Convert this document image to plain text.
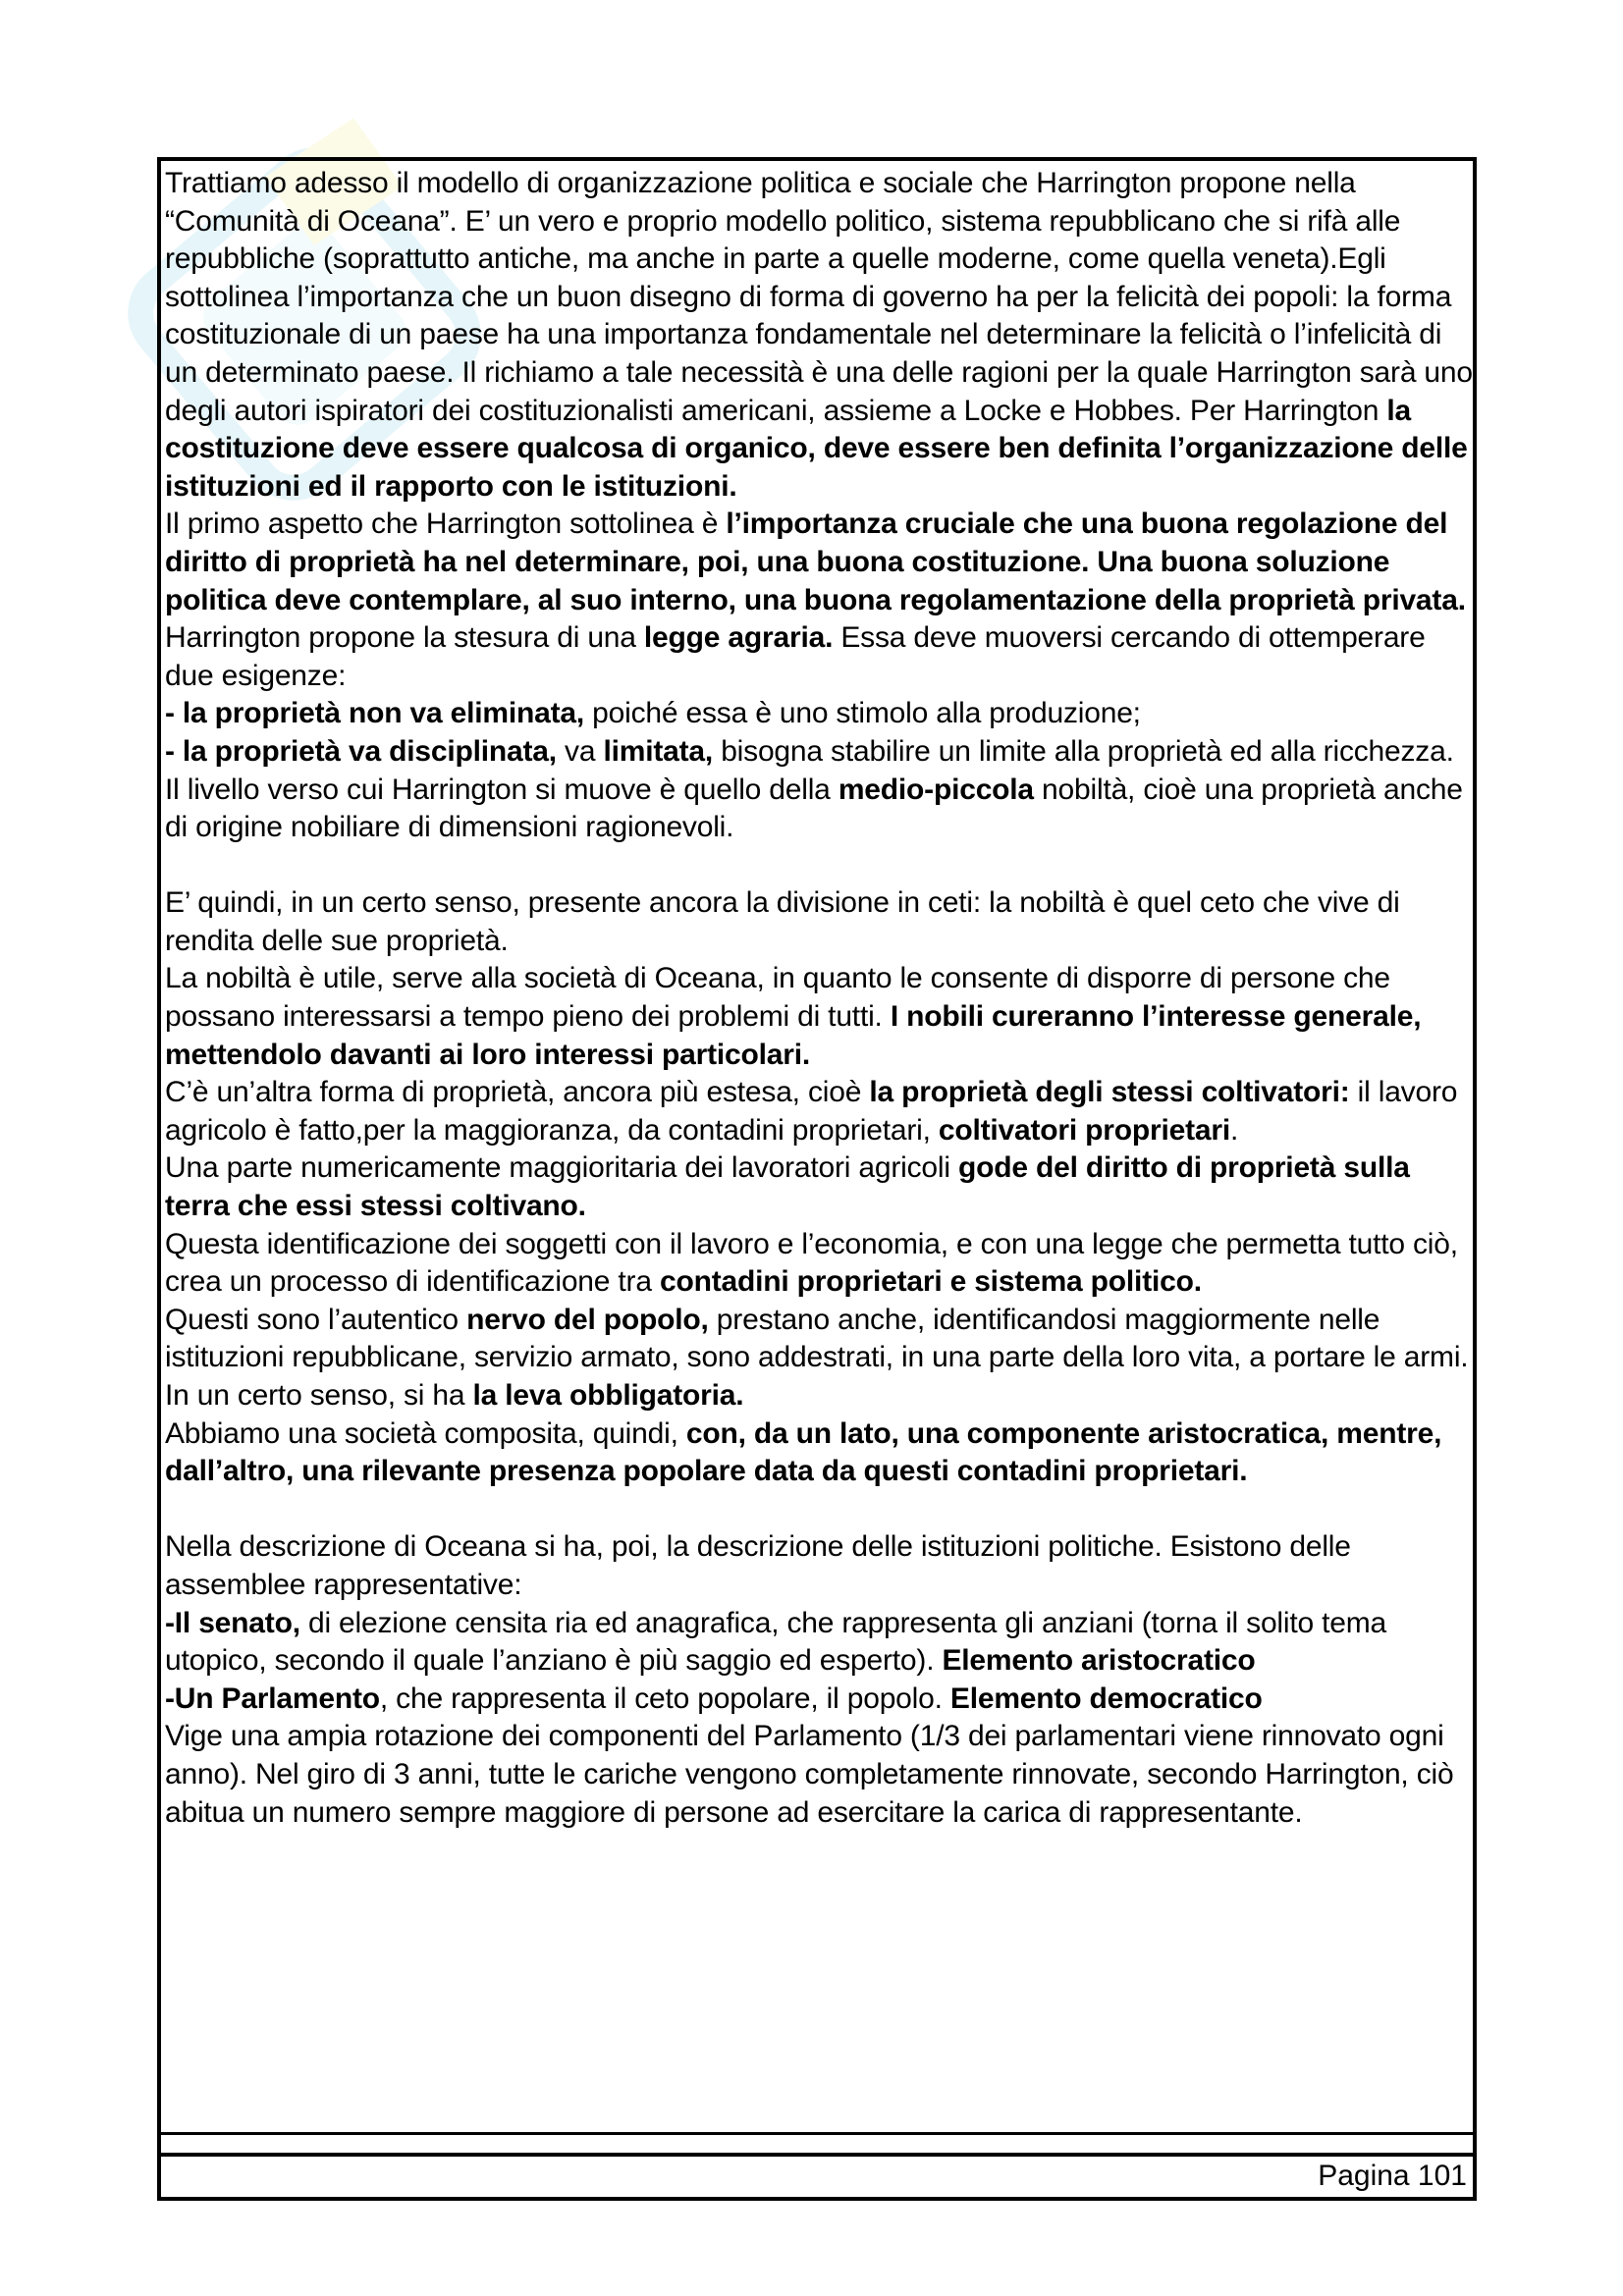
Trattiamo adesso il modello di organizzazione politica e sociale che Harrington propone nella “Comunità di Oceana”. E’ un vero e proprio modello politico, sistema repubblicano che si rifà alle repubbliche (soprattutto antiche, ma anche in parte a quelle moderne, come quella veneta).Egli sottolinea l’importanza che un buon disegno di forma di governo ha per la felicità dei popoli: la forma costituzionale di un paese ha una importanza fondamentale nel determinare la felicità o l’infelicità di un determinato paese. Il richiamo a tale necessità è una delle ragioni per la quale Harrington sarà uno degli autori ispiratori dei costituzionalisti americani, assieme a Locke e Hobbes. Per Harrington la costituzione deve essere qualcosa di organico, deve essere ben definita l’organizzazione delle istituzioni ed il rapporto con le istituzioni.

Il primo aspetto che Harrington sottolinea è l’importanza cruciale che una buona regolazione del diritto di proprietà ha nel determinare, poi, una buona costituzione. Una buona soluzione politica deve contemplare, al suo interno, una buona regolamentazione della proprietà privata.

Harrington propone la stesura di una legge agraria. Essa deve muoversi cercando di ottemperare due esigenze:

- la proprietà non va eliminata, poiché essa è uno stimolo alla produzione;

- la proprietà va disciplinata, va limitata, bisogna stabilire un limite alla proprietà ed alla ricchezza. Il livello verso cui Harrington si muove è quello della medio-piccola nobiltà, cioè una proprietà anche di origine nobiliare di dimensioni ragionevoli.

E’ quindi, in un certo senso, presente ancora la divisione in ceti: la nobiltà è quel ceto che vive di rendita delle sue proprietà.

La nobiltà è utile, serve alla società di Oceana, in quanto le consente di disporre di persone che possano interessarsi a tempo pieno dei problemi di tutti. I nobili cureranno l’interesse generale, mettendolo davanti ai loro interessi particolari.

C’è un’altra forma di proprietà, ancora più estesa, cioè la proprietà degli stessi coltivatori: il lavoro agricolo è fatto,per la maggioranza, da contadini proprietari, coltivatori proprietari.

Una parte numericamente maggioritaria dei lavoratori agricoli gode del diritto di proprietà sulla terra che essi stessi coltivano.

Questa identificazione dei soggetti con il lavoro e l’economia, e con una legge che permetta tutto ciò, crea un processo di identificazione tra contadini proprietari e sistema politico.

Questi sono l’autentico nervo del popolo, prestano anche, identificandosi maggiormente nelle istituzioni repubblicane, servizio armato, sono addestrati, in una parte della loro vita, a portare le armi. In un certo senso, si ha la leva obbligatoria.

Abbiamo una società composita, quindi, con, da un lato, una componente aristocratica, mentre, dall’altro, una rilevante presenza popolare data da questi contadini proprietari.

Nella descrizione di Oceana si ha, poi, la descrizione delle istituzioni politiche. Esistono delle assemblee rappresentative:

-Il senato, di elezione censita ria ed anagrafica, che rappresenta gli anziani (torna il solito tema utopico, secondo il quale l’anziano è più saggio ed esperto). Elemento aristocratico

-Un Parlamento, che rappresenta il ceto popolare, il popolo. Elemento democratico

Vige una ampia rotazione dei componenti del Parlamento (1/3 dei parlamentari viene rinnovato ogni anno). Nel giro di 3 anni, tutte le cariche vengono completamente rinnovate, secondo Harrington, ciò abitua un numero sempre maggiore di persone ad esercitare la carica di rappresentante.

Pagina 101
